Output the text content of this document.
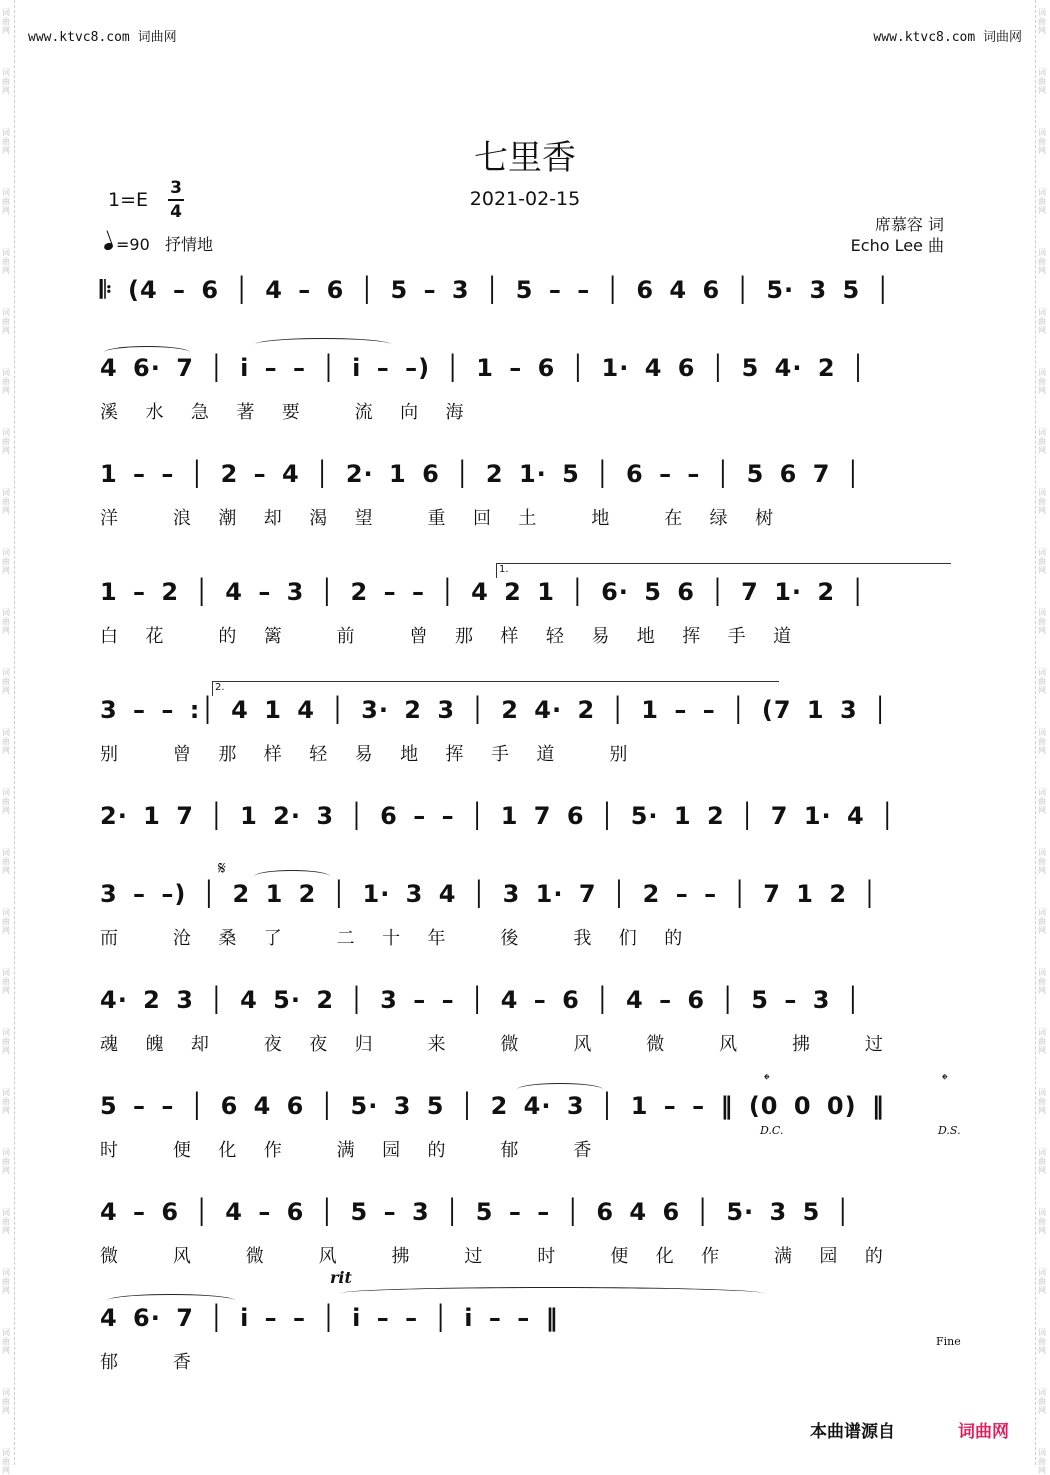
词
曲
网
词
曲
网
词
曲
网
词
曲
网
词
曲
网
词
曲
网
词
曲
网
词
曲
网
词
曲
网
词
曲
网
词
曲
网
词
曲
网
词
曲
网
词
曲
网
词
曲
网
词
曲
网
词
曲
网
词
曲
网
词
曲
网
词
曲
网
词
曲
网
词
曲
网
词
曲
网
词
曲
网
词
曲
网
词
曲
网
词
曲
网
词
曲
网
词
曲
网
词
曲
网
词
曲
网
词
曲
网
词
曲
网
词
曲
网
词
曲
网
词
曲
网
词
曲
网
词
曲
网
词
曲
网
词
曲
网
词
曲
网
词
曲
网
词
曲
网
词
曲
网
词
曲
网
词
曲
网
词
曲
网
词
曲
网
词
曲
网
词
曲
网
www.ktvc8.com 词曲网	www.ktvc8.com 词曲网
七里香
2021-02-15
1=E
3
4
=90 抒情地
席慕容 词
Echo Lee 曲
𝄆 (4 – 6 │ 4 – 6 │ 5 – 3 │ 5 – – │ 6 4 6 │ 5· 3 5 │
4 6· 7 │ i – – │ i – –) │ 1 – 6 │ 1· 4 6 │ 5 4· 2 │
溪  水  急  著  要    流  向  海
1 – – │ 2 – 4 │ 2· 1 6 │ 2 1· 5 │ 6 – – │ 5 6 7 │
洋    浪  潮  却  渴  望    重  回  土    地    在  绿  树
1 – 2 │ 4 – 3 │ 2 – – │ 4 2 1 │ 6· 5 6 │ 7 1· 2 │
白  花    的  篱    前    曾  那  样  轻  易  地  挥  手  道
3 – – :│ 4 1 4 │ 3· 2 3 │ 2 4· 2 │ 1 – – │ (7 1 3 │
别    曾  那  样  轻  易  地  挥  手  道    别
2· 1 7 │ 1 2· 3 │ 6 – – │ 1 7 6 │ 5· 1 2 │ 7 1· 4 │
3 – –) │ 2 1 2 │ 1· 3 4 │ 3 1· 7 │ 2 – – │ 7 1 2 │
而    沧  桑  了    二  十  年    後    我  们  的
4· 2 3 │ 4 5· 2 │ 3 – – │ 4 – 6 │ 4 – 6 │ 5 – 3 │
魂  魄  却    夜  夜  归    来    微    风    微    风    拂    过
5 – – │ 6 4 6 │ 5· 3 5 │ 2 4· 3 │ 1 – – ‖ (0 0 0) ‖
时    便  化  作    满  园  的    郁    香
4 – 6 │ 4 – 6 │ 5 – 3 │ 5 – – │ 6 4 6 │ 5· 3 5 │
微    风    微    风    拂    过    时    便  化  作    满  园  的
4 6· 7 │ i – – │ i – – │ i – – ‖
郁    香
本曲谱源自	词曲网
1.
2.
𝄋
𝄌	𝄌
D.C.	D.S.
rit
Fine
